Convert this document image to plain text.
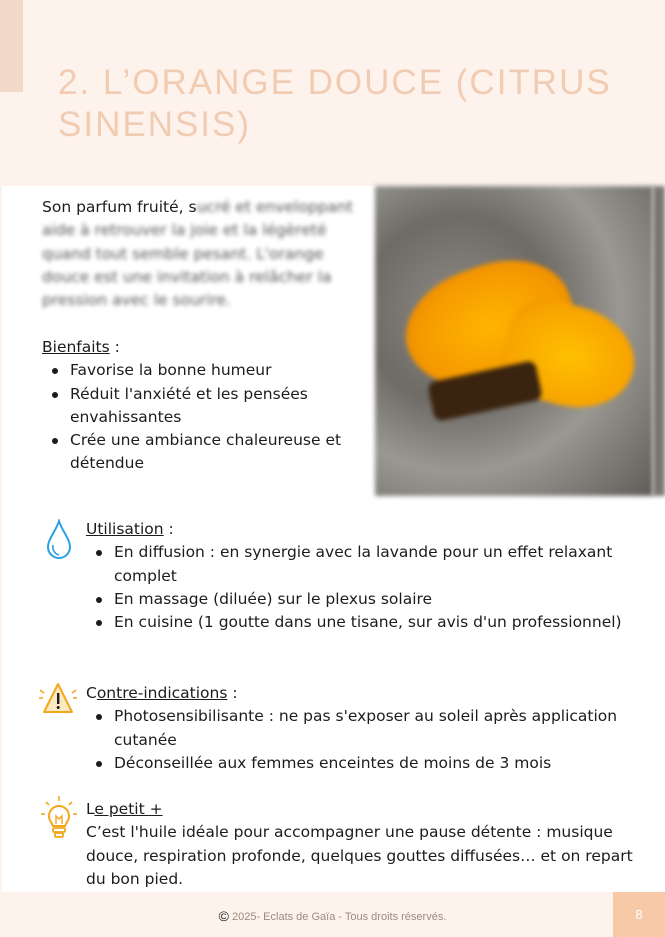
2. L’ORANGE DOUCE (CITRUS SINENSIS)
Son parfum fruité, sucré et enveloppant aide à retrouver la joie et la légèreté quand tout semble pesant. L'orange douce est une invitation à relâcher la pression avec le sourire.
Bienfaits :
Favorise la bonne humeur
Réduit l'anxiété et les pensées envahissantes
Crée une ambiance chaleureuse et détendue
Utilisation :
En diffusion : en synergie avec la lavande pour un effet relaxant complet
En massage (diluée) sur le plexus solaire
En cuisine (1 goutte dans une tisane, sur avis d'un professionnel)
Contre-indications :
Photosensibilisante : ne pas s'exposer au soleil après application cutanée
Déconseillée aux femmes enceintes de moins de 3 mois
Le petit +
C’est l'huile idéale pour accompagner une pause détente : musique douce, respiration profonde, quelques gouttes diffusées… et on repart du bon pied.
© 2025- Eclats de Gaïa - Tous droits réservés.	8
